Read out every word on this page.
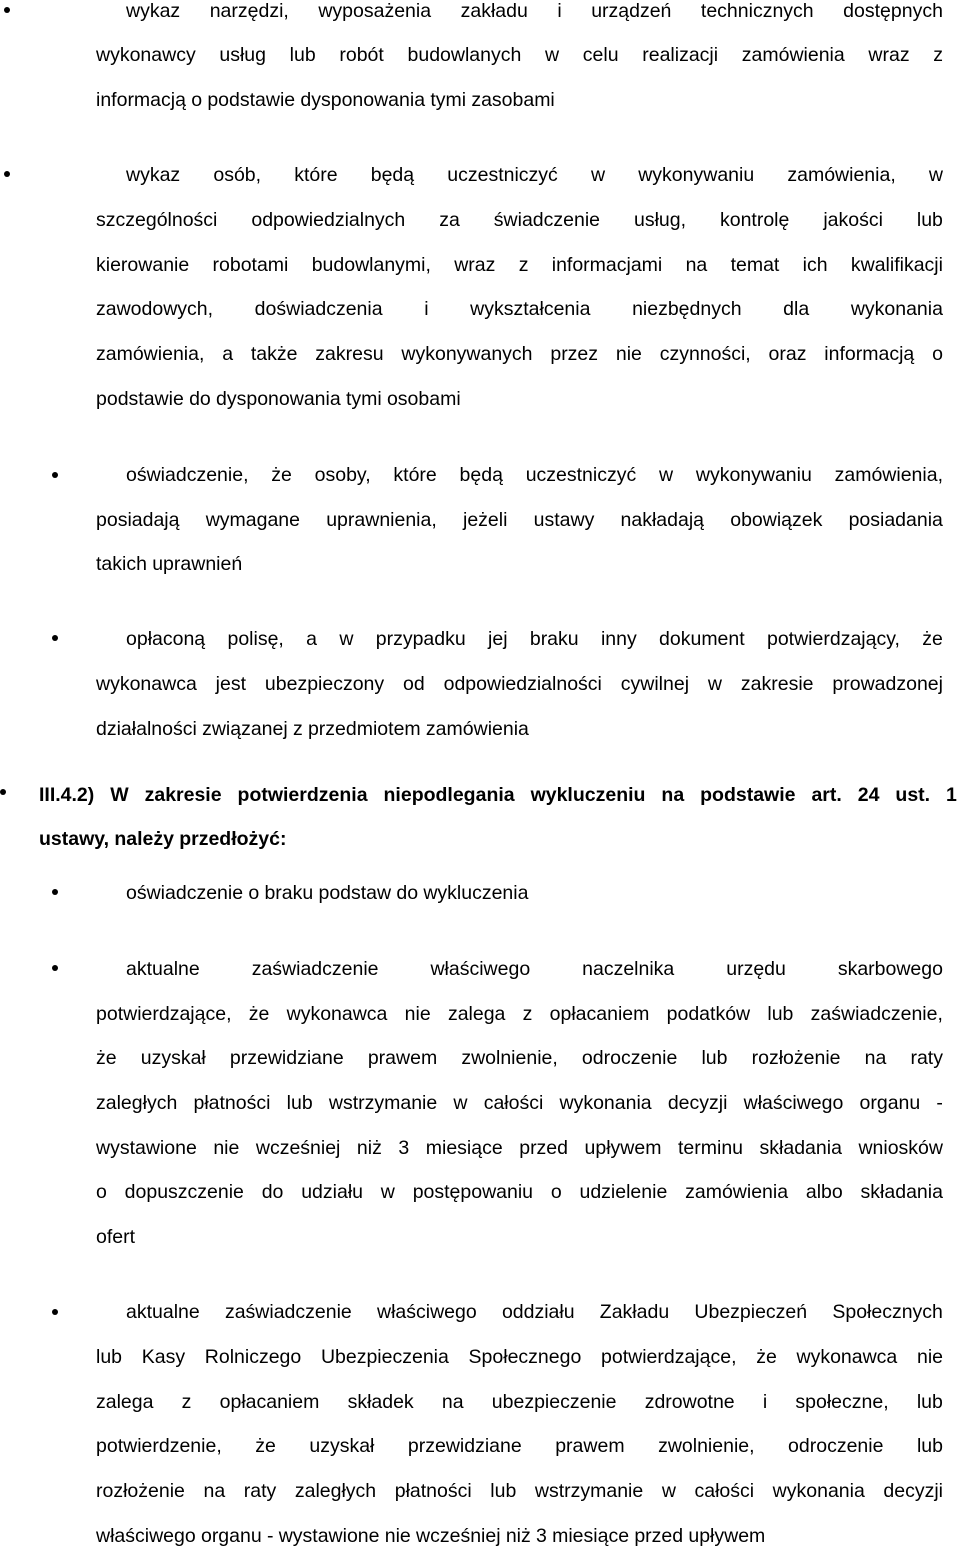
wykaz narzędzi, wyposażenia zakładu i urządzeń technicznych dostępnych
wykonawcy usług lub robót budowlanych w celu realizacji zamówienia wraz z
informacją o podstawie dysponowania tymi zasobami
wykaz osób, które będą uczestniczyć w wykonywaniu zamówienia, w
szczególności odpowiedzialnych za świadczenie usług, kontrolę jakości lub
kierowanie robotami budowlanymi, wraz z informacjami na temat ich kwalifikacji
zawodowych, doświadczenia i wykształcenia niezbędnych dla wykonania
zamówienia, a także zakresu wykonywanych przez nie czynności, oraz informacją o
podstawie do dysponowania tymi osobami
oświadczenie, że osoby, które będą uczestniczyć w wykonywaniu zamówienia,
posiadają wymagane uprawnienia, jeżeli ustawy nakładają obowiązek posiadania
takich uprawnień
opłaconą polisę, a w przypadku jej braku inny dokument potwierdzający, że
wykonawca jest ubezpieczony od odpowiedzialności cywilnej w zakresie prowadzonej
działalności związanej z przedmiotem zamówienia
III.4.2) W zakresie potwierdzenia niepodlegania wykluczeniu na podstawie art. 24 ust. 1
ustawy, należy przedłożyć:
oświadczenie o braku podstaw do wykluczenia
aktualne	zaświadczenie	właściwego	naczelnika	urzędu	skarbowego
potwierdzające, że wykonawca nie zalega z opłacaniem podatków lub zaświadczenie,
że uzyskał przewidziane prawem zwolnienie, odroczenie lub rozłożenie na raty
zaległych płatności lub wstrzymanie w całości wykonania decyzji właściwego organu -
wystawione nie wcześniej niż 3 miesiące przed upływem terminu składania wniosków
o dopuszczenie do udziału w postępowaniu o udzielenie zamówienia albo składania
ofert
aktualne zaświadczenie właściwego oddziału Zakładu Ubezpieczeń Społecznych
lub Kasy Rolniczego Ubezpieczenia Społecznego potwierdzające, że wykonawca nie
zalega z opłacaniem składek na ubezpieczenie zdrowotne i społeczne, lub
potwierdzenie, że uzyskał przewidziane prawem zwolnienie, odroczenie lub
rozłożenie na raty zaległych płatności lub wstrzymanie w całości wykonania decyzji
właściwego organu - wystawione nie wcześniej niż 3 miesiące przed upływem
